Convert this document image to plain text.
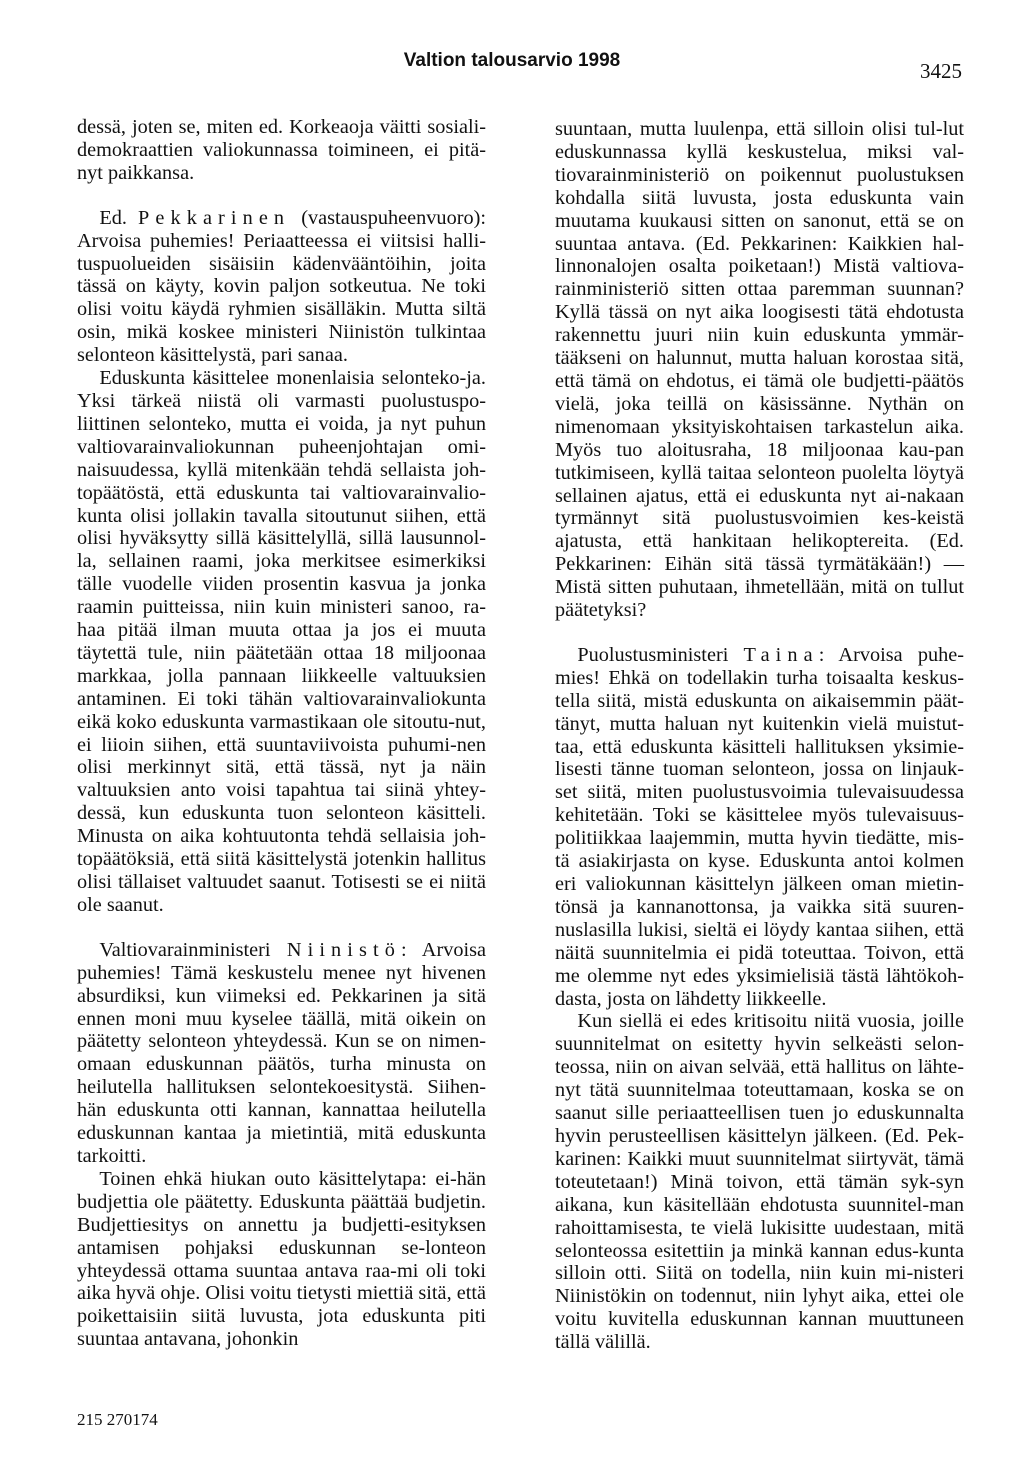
Valtion talousarvio 1998	3425

dessä, joten se, miten ed. Korkeaoja väitti sosiali-demokraattien valiokunnassa toimineen, ei pitä-nyt paikkansa.

Ed. Pekkarinen (vastauspuheenvuoro): Arvoisa puhemies! Periaatteessa ei viitsisi halli-tuspuolueiden sisäisiin kädenvääntöihin, joita tässä on käyty, kovin paljon sotkeutua. Ne toki olisi voitu käydä ryhmien sisälläkin. Mutta siltä osin, mikä koskee ministeri Niinistön tulkintaa selonteon käsittelystä, pari sanaa.

Eduskunta käsittelee monenlaisia selonteko-ja. Yksi tärkeä niistä oli varmasti puolustuspo-liittinen selonteko, mutta ei voida, ja nyt puhun valtiovarainvaliokunnan puheenjohtajan omi-naisuudessa, kyllä mitenkään tehdä sellaista joh-topäätöstä, että eduskunta tai valtiovarainvalio-kunta olisi jollakin tavalla sitoutunut siihen, että olisi hyväksytty sillä käsittelyllä, sillä lausunnol-la, sellainen raami, joka merkitsee esimerkiksi tälle vuodelle viiden prosentin kasvua ja jonka raamin puitteissa, niin kuin ministeri sanoo, ra-haa pitää ilman muuta ottaa ja jos ei muuta täytettä tule, niin päätetään ottaa 18 miljoonaa markkaa, jolla pannaan liikkeelle valtuuksien antaminen. Ei toki tähän valtiovarainvaliokunta eikä koko eduskunta varmastikaan ole sitoutu-nut, ei liioin siihen, että suuntaviivoista puhumi-nen olisi merkinnyt sitä, että tässä, nyt ja näin valtuuksien anto voisi tapahtua tai siinä yhtey-dessä, kun eduskunta tuon selonteon käsitteli. Minusta on aika kohtuutonta tehdä sellaisia joh-topäätöksiä, että siitä käsittelystä jotenkin hallitus olisi tällaiset valtuudet saanut. Totisesti se ei niitä ole saanut.

Valtiovarainministeri Niinistö: Arvoisa puhemies! Tämä keskustelu menee nyt hivenen absurdiksi, kun viimeksi ed. Pekkarinen ja sitä ennen moni muu kyselee täällä, mitä oikein on päätetty selonteon yhteydessä. Kun se on nimen-omaan eduskunnan päätös, turha minusta on heilutella hallituksen selontekoesitystä. Siihen-hän eduskunta otti kannan, kannattaa heilutella eduskunnan kantaa ja mietintiä, mitä eduskunta tarkoitti.

Toinen ehkä hiukan outo käsittelytapa: ei-hän budjettia ole päätetty. Eduskunta päättää budjetin. Budjettiesitys on annettu ja budjetti-esityksen antamisen pohjaksi eduskunnan se-lonteon yhteydessä ottama suuntaa antava raa-mi oli toki aika hyvä ohje. Olisi voitu tietysti miettiä sitä, että poikettaisiin siitä luvusta, jota eduskunta piti suuntaa antavana, johonkin

suuntaan, mutta luulenpa, että silloin olisi tul-lut eduskunnassa kyllä keskustelua, miksi val-tiovarainministeriö on poikennut puolustuksen kohdalla siitä luvusta, josta eduskunta vain muutama kuukausi sitten on sanonut, että se on suuntaa antava. (Ed. Pekkarinen: Kaikkien hal-linnonalojen osalta poiketaan!) Mistä valtiova-rainministeriö sitten ottaa paremman suunnan? Kyllä tässä on nyt aika loogisesti tätä ehdotusta rakennettu juuri niin kuin eduskunta ymmär-tääkseni on halunnut, mutta haluan korostaa sitä, että tämä on ehdotus, ei tämä ole budjetti-päätös vielä, joka teillä on käsissänne. Nythän on nimenomaan yksityiskohtaisen tarkastelun aika. Myös tuo aloitusraha, 18 miljoonaa kau-pan tutkimiseen, kyllä taitaa selonteon puolelta löytyä sellainen ajatus, että ei eduskunta nyt ai-nakaan tyrmännyt sitä puolustusvoimien kes-keistä ajatusta, että hankitaan helikoptereita. (Ed. Pekkarinen: Eihän sitä tässä tyrmätäkään!) — Mistä sitten puhutaan, ihmetellään, mitä on tullut päätetyksi?

Puolustusministeri Taina: Arvoisa puhe-mies! Ehkä on todellakin turha toisaalta keskus-tella siitä, mistä eduskunta on aikaisemmin päät-tänyt, mutta haluan nyt kuitenkin vielä muistut-taa, että eduskunta käsitteli hallituksen yksimie-lisesti tänne tuoman selonteon, jossa on linjauk-set siitä, miten puolustusvoimia tulevaisuudessa kehitetään. Toki se käsittelee myös tulevaisuus-politiikkaa laajemmin, mutta hyvin tiedätte, mis-tä asiakirjasta on kyse. Eduskunta antoi kolmen eri valiokunnan käsittelyn jälkeen oman mietin-tönsä ja kannanottonsa, ja vaikka sitä suuren-nuslasilla lukisi, sieltä ei löydy kantaa siihen, että näitä suunnitelmia ei pidä toteuttaa. Toivon, että me olemme nyt edes yksimielisiä tästä lähtökoh-dasta, josta on lähdetty liikkeelle.

Kun siellä ei edes kritisoitu niitä vuosia, joille suunnitelmat on esitetty hyvin selkeästi selon-teossa, niin on aivan selvää, että hallitus on lähte-nyt tätä suunnitelmaa toteuttamaan, koska se on saanut sille periaatteellisen tuen jo eduskunnalta hyvin perusteellisen käsittelyn jälkeen. (Ed. Pek-karinen: Kaikki muut suunnitelmat siirtyvät, tämä toteutetaan!) Minä toivon, että tämän syk-syn aikana, kun käsitellään ehdotusta suunnitel-man rahoittamisesta, te vielä lukisitte uudestaan, mitä selonteossa esitettiin ja minkä kannan edus-kunta silloin otti. Siitä on todella, niin kuin mi-nisteri Niinistökin on todennut, niin lyhyt aika, ettei ole voitu kuvitella eduskunnan kannan muuttuneen tällä välillä.

215 270174
